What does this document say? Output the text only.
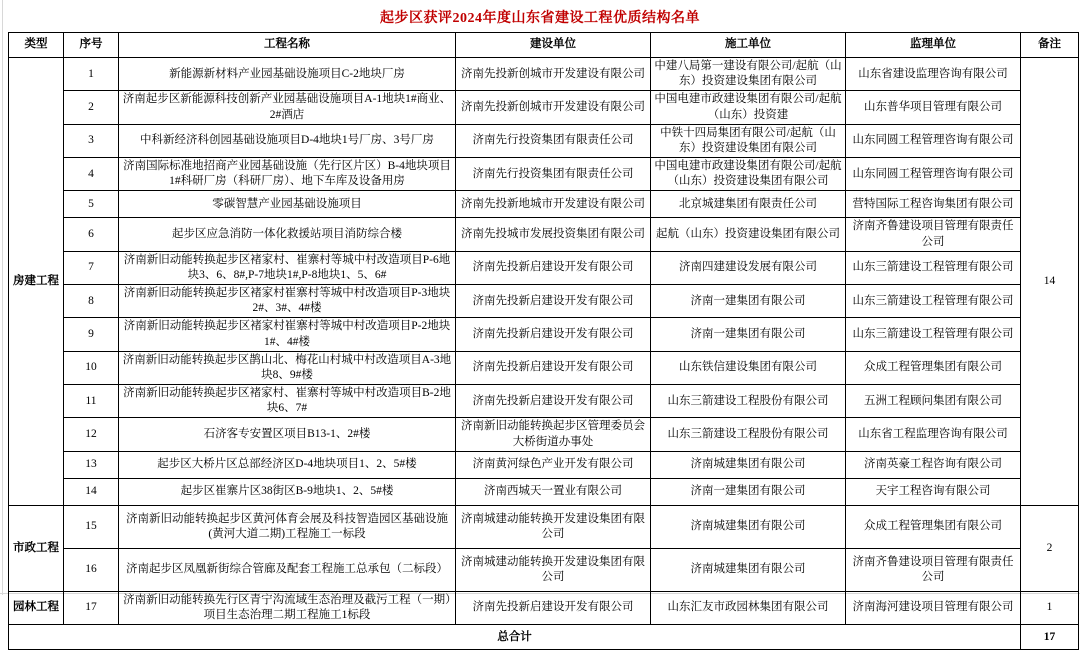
起步区获评2024年度山东省建设工程优质结构名单
类型	序号	工程名称	建设单位	施工单位	监理单位	备注
房建工程	1	新能源新材料产业园基础设施项目C-2地块厂房	济南先投新创城市开发建设有限公司	中建八局第一建设有限公司/起航（山东）投资建设集团有限公司	山东省建设监理咨询有限公司	14
	2	济南起步区新能源科技创新产业园基础设施项目A-1地块1#商业、2#酒店	济南先投新创城市开发建设有限公司	中国电建市政建设集团有限公司/起航（山东）投资建	山东普华项目管理有限公司	
	3	中科新经济科创园基础设施项目D-4地块1号厂房、3号厂房	济南先行投资集团有限责任公司	中铁十四局集团有限公司/起航（山东）投资建设集团有限公司	山东同圆工程管理咨询有限公司	
	4	济南国际标准地招商产业园基础设施（先行区片区）B-4地块项目1#科研厂房（科研厂房）、地下车库及设备用房	济南先行投资集团有限责任公司	中国电建市政建设集团有限公司/起航（山东）投资建设集团有限公司	山东同圆工程管理咨询有限公司	
	5	零碳智慧产业园基础设施项目	济南先投新地城市开发建设有限公司	北京城建集团有限责任公司	营特国际工程咨询集团有限公司	
	6	起步区应急消防一体化救援站项目消防综合楼	济南先投城市发展投资集团有限公司	起航（山东）投资建设集团有限公司	济南齐鲁建设项目管理有限责任公司	
	7	济南新旧动能转换起步区褚家村、崔寨村等城中村改造项目P-6地块3、6、8#,P-7地块1#,P-8地块1、5、6#	济南先投新启建设开发有限公司	济南四建建设发展有限公司	山东三箭建设工程管理有限公司	
	8	济南新旧动能转换起步区褚家村崔寨村等城中村改造项目P-3地块2#、3#、4#楼	济南先投新启建设开发有限公司	济南一建集团有限公司	山东三箭建设工程管理有限公司	
	9	济南新旧动能转换起步区褚家村崔寨村等城中村改造项目P-2地块1#、4#楼	济南先投新启建设开发有限公司	济南一建集团有限公司	山东三箭建设工程管理有限公司	
	10	济南新旧动能转换起步区鹊山北、梅花山村城中村改造项目A-3地块8、9#楼	济南先投新启建设开发有限公司	山东铁信建设集团有限公司	众成工程管理集团有限公司	
	11	济南新旧动能转换起步区褚家村、崔寨村等城中村改造项目B-2地块6、7#	济南先投新启建设开发有限公司	山东三箭建设工程股份有限公司	五洲工程顾问集团有限公司	
	12	石济客专安置区项目B13-1、2#楼	济南新旧动能转换起步区管理委员会大桥街道办事处	山东三箭建设工程股份有限公司	山东省工程监理咨询有限公司	
	13	起步区大桥片区总部经济区D-4地块项目1、2、5#楼	济南黄河绿色产业开发有限公司	济南城建集团有限公司	济南英豪工程咨询有限公司	
	14	起步区崔寨片区38街区B-9地块1、2、5#楼	济南西城天一置业有限公司	济南一建集团有限公司	天宇工程咨询有限公司	
市政工程	15	济南新旧动能转换起步区黄河体育会展及科技智造园区基础设施(黄河大道二期)工程施工一标段	济南城建动能转换开发建设集团有限公司	济南城建集团有限公司	众成工程管理集团有限公司	2
	16	济南起步区凤凰新街综合管廊及配套工程施工总承包（二标段）	济南城建动能转换开发建设集团有限公司	济南城建集团有限公司	济南齐鲁建设项目管理有限责任公司	
园林工程	17	济南新旧动能转换先行区青宁沟流域生态治理及截污工程（一期）项目生态治理二期工程施工1标段	济南先投新启建设开发有限公司	山东汇友市政园林集团有限公司	济南海河建设项目管理有限公司	1
总合计						17
